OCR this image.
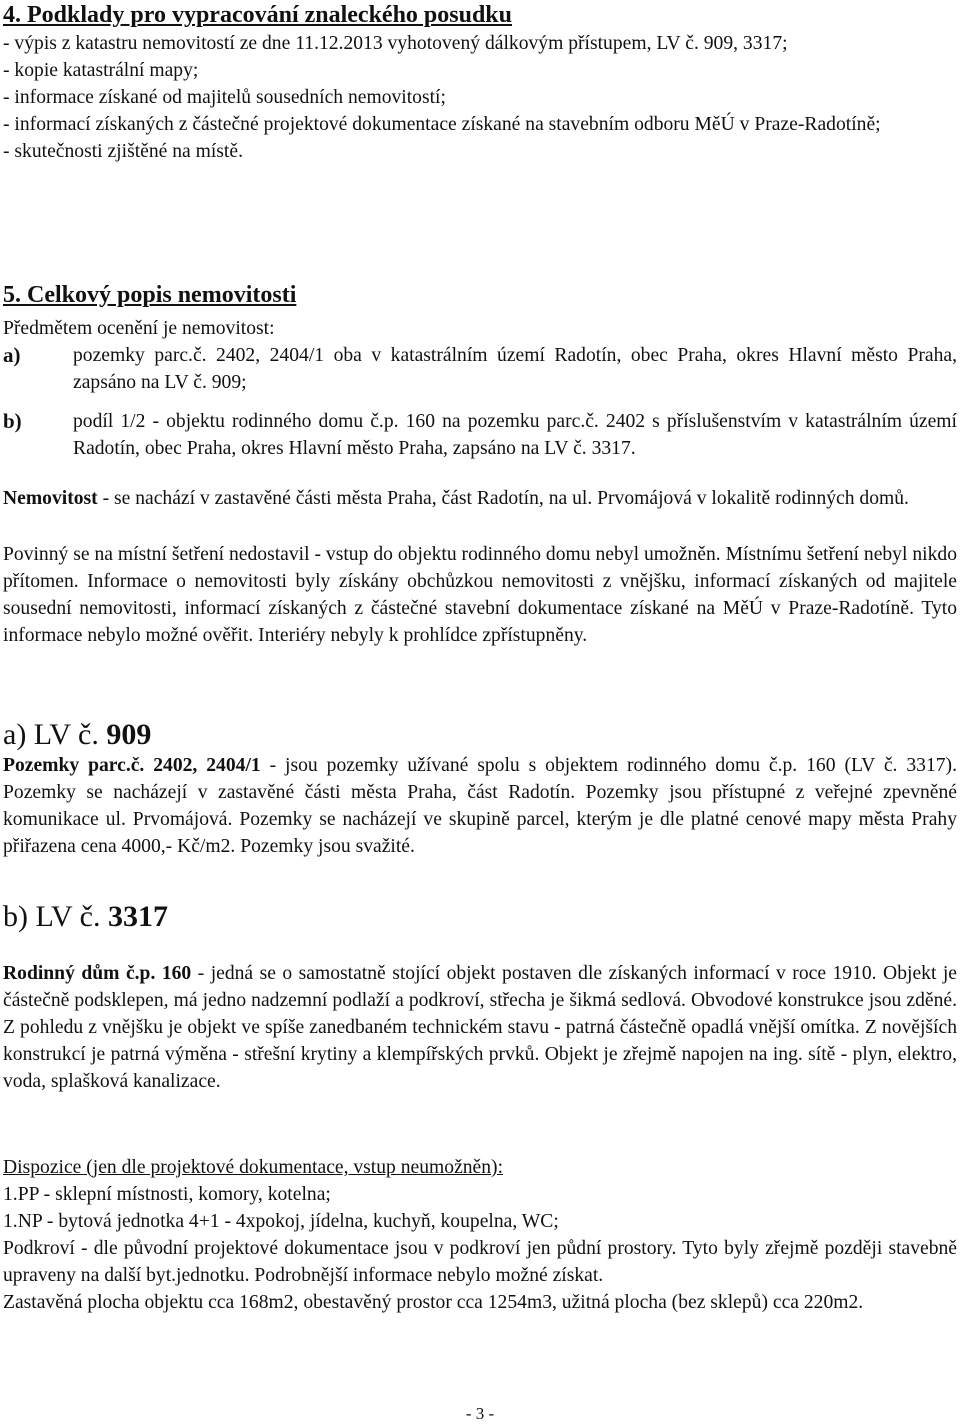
4. Podklady pro vypracování znaleckého posudku

- výpis z katastru nemovitostí ze dne 11.12.2013 vyhotovený dálkovým přístupem, LV č. 909, 3317;

- kopie katastrální mapy;

- informace získané od majitelů sousedních nemovitostí;

- informací získaných z částečné projektové dokumentace získané na stavebním odboru MěÚ v Praze-Radotíně;

- skutečnosti zjištěné na místě.

5. Celkový popis nemovitosti

Předmětem ocenění je nemovitost:

a)	pozemky parc.č. 2402, 2404/1 oba v katastrálním území Radotín, obec Praha, okres Hlavní město Praha, zapsáno na LV č. 909;

b)	podíl 1/2 - objektu rodinného domu č.p. 160 na pozemku parc.č. 2402 s příslušenstvím v katastrálním území Radotín, obec Praha, okres Hlavní město Praha, zapsáno na LV č. 3317.

Nemovitost - se nachází v zastavěné části města Praha, část Radotín, na ul. Prvomájová v lokalitě rodinných domů.

Povinný se na místní šetření nedostavil - vstup do objektu rodinného domu nebyl umožněn. Místnímu šetření nebyl nikdo přítomen. Informace o nemovitosti byly získány obchůzkou nemovitosti z vnějšku, informací získaných od majitele sousední nemovitosti, informací získaných z částečné stavební dokumentace získané na MěÚ v Praze-Radotíně. Tyto informace nebylo možné ověřit. Interiéry nebyly k prohlídce zpřístupněny.

a) LV č. 909

Pozemky parc.č. 2402, 2404/1 - jsou pozemky užívané spolu s objektem rodinného domu č.p. 160 (LV č. 3317). Pozemky se nacházejí v zastavěné části města Praha, část Radotín. Pozemky jsou přístupné z veřejné zpevněné komunikace ul. Prvomájová. Pozemky se nacházejí ve skupině parcel, kterým je dle platné cenové mapy města Prahy přiřazena cena 4000,- Kč/m2. Pozemky jsou svažité.

b) LV č. 3317

Rodinný dům č.p. 160 - jedná se o samostatně stojící objekt postaven dle získaných informací v roce 1910. Objekt je částečně podsklepen, má jedno nadzemní podlaží a podkroví, střecha je šikmá sedlová. Obvodové konstrukce jsou zděné. Z pohledu z vnějšku je objekt ve spíše zanedbaném technickém stavu - patrná částečně opadlá vnější omítka. Z novějších konstrukcí je patrná výměna - střešní krytiny a klempířských prvků. Objekt je zřejmě napojen na ing. sítě - plyn, elektro, voda, splašková kanalizace.

Dispozice (jen dle projektové dokumentace, vstup neumožněn):

1.PP - sklepní místnosti, komory, kotelna;

1.NP - bytová jednotka 4+1 - 4xpokoj, jídelna, kuchyň, koupelna, WC;

Podkroví - dle původní projektové dokumentace jsou v podkroví jen půdní prostory. Tyto byly zřejmě později stavebně upraveny na další byt.jednotku. Podrobnější informace nebylo možné získat.

Zastavěná plocha objektu cca 168m2, obestavěný prostor cca 1254m3, užitná plocha (bez sklepů) cca 220m2.

- 3 -
